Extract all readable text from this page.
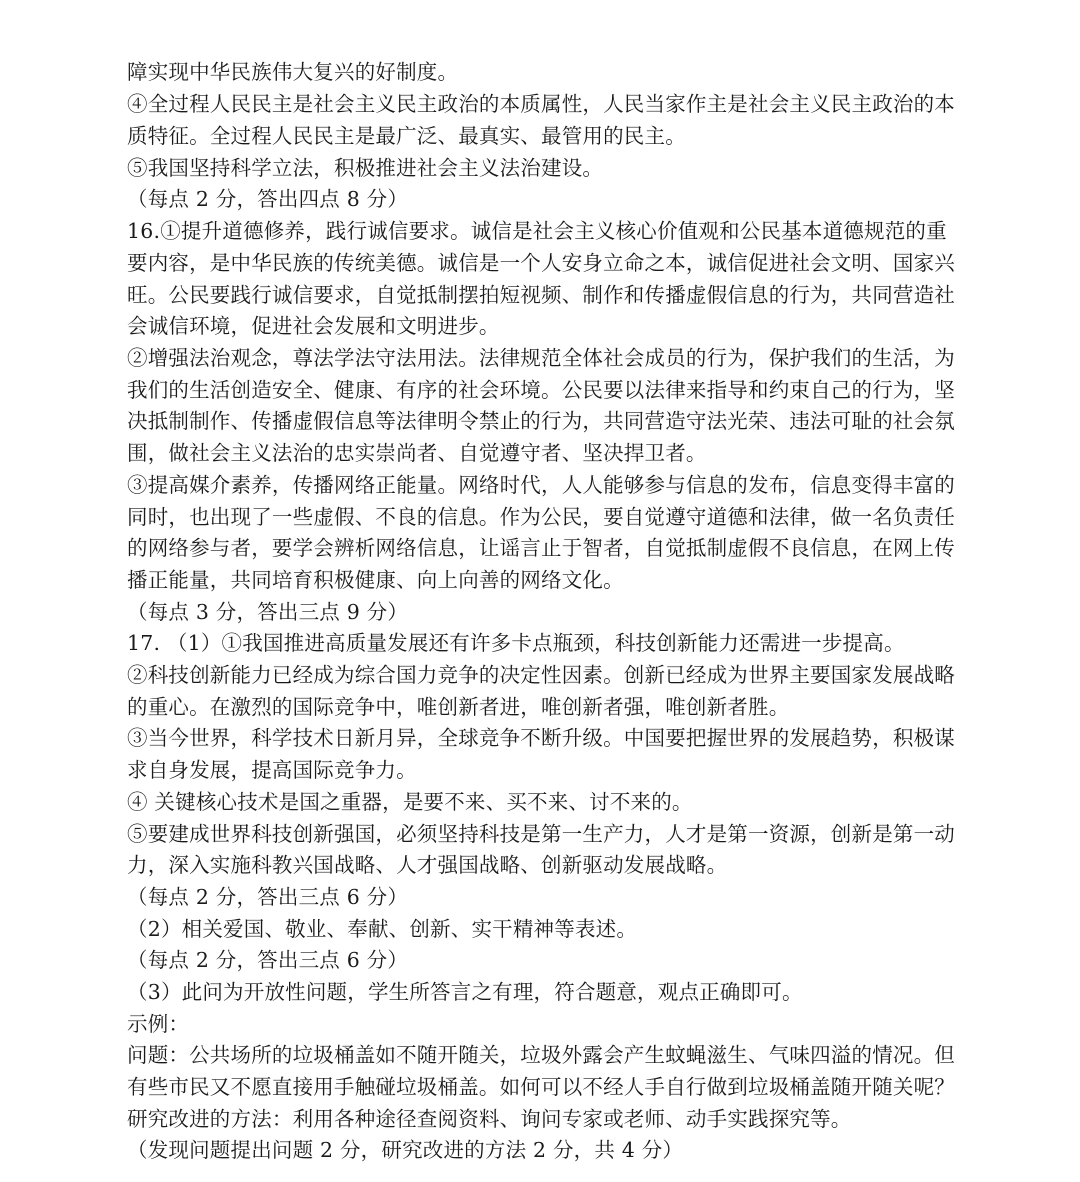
障实现中华民族伟大复兴的好制度。
④全过程人民民主是社会主义民主政治的本质属性，人民当家作主是社会主义民主政治的本
质特征。全过程人民民主是最广泛、最真实、最管用的民主。
⑤我国坚持科学立法，积极推进社会主义法治建设。
（每点 2 分，答出四点 8 分）
16.①提升道德修养，践行诚信要求。诚信是社会主义核心价值观和公民基本道德规范的重
要内容，是中华民族的传统美德。诚信是一个人安身立命之本，诚信促进社会文明、国家兴
旺。公民要践行诚信要求，自觉抵制摆拍短视频、制作和传播虚假信息的行为，共同营造社
会诚信环境，促进社会发展和文明进步。
②增强法治观念，尊法学法守法用法。法律规范全体社会成员的行为，保护我们的生活，为
我们的生活创造安全、健康、有序的社会环境。公民要以法律来指导和约束自己的行为，坚
决抵制制作、传播虚假信息等法律明令禁止的行为，共同营造守法光荣、违法可耻的社会氛
围，做社会主义法治的忠实崇尚者、自觉遵守者、坚决捍卫者。
③提高媒介素养，传播网络正能量。网络时代，人人能够参与信息的发布，信息变得丰富的
同时，也出现了一些虚假、不良的信息。作为公民，要自觉遵守道德和法律，做一名负责任
的网络参与者，要学会辨析网络信息，让谣言止于智者，自觉抵制虚假不良信息，在网上传
播正能量，共同培育积极健康、向上向善的网络文化。
（每点 3 分，答出三点 9 分）
17. （1）①我国推进高质量发展还有许多卡点瓶颈，科技创新能力还需进一步提高。
②科技创新能力已经成为综合国力竞争的决定性因素。创新已经成为世界主要国家发展战略
的重心。在激烈的国际竞争中，唯创新者进，唯创新者强，唯创新者胜。
③当今世界，科学技术日新月异，全球竞争不断升级。中国要把握世界的发展趋势，积极谋
求自身发展，提高国际竞争力。
④ 关键核心技术是国之重器，是要不来、买不来、讨不来的。
⑤要建成世界科技创新强国，必须坚持科技是第一生产力，人才是第一资源，创新是第一动
力，深入实施科教兴国战略、人才强国战略、创新驱动发展战略。
（每点 2 分，答出三点 6 分）
（2）相关爱国、敬业、奉献、创新、实干精神等表述。
（每点 2 分，答出三点 6 分）
（3）此问为开放性问题，学生所答言之有理，符合题意，观点正确即可。
示例：
问题：公共场所的垃圾桶盖如不随开随关，垃圾外露会产生蚊蝇滋生、气味四溢的情况。但
有些市民又不愿直接用手触碰垃圾桶盖。如何可以不经人手自行做到垃圾桶盖随开随关呢？
研究改进的方法：利用各种途径查阅资料、询问专家或老师、动手实践探究等。
（发现问题提出问题 2 分，研究改进的方法 2 分，共 4 分）
